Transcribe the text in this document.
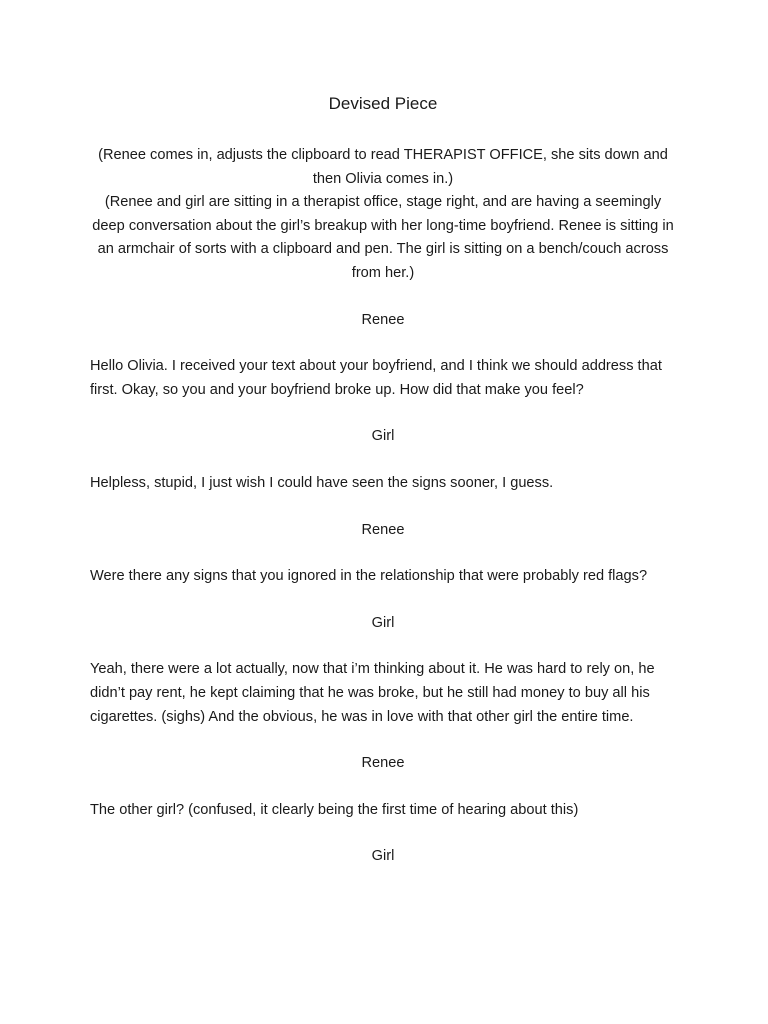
Devised Piece

(Renee comes in, adjusts the clipboard to read THERAPIST OFFICE, she sits down and then Olivia comes in.)

(Renee and girl are sitting in a therapist office, stage right, and are having a seemingly deep conversation about the girl’s breakup with her long-time boyfriend. Renee is sitting in an armchair of sorts with a clipboard and pen. The girl is sitting on a bench/couch across from her.)

Renee
Hello Olivia. I received your text about your boyfriend, and I think we should address that first. Okay, so you and your boyfriend broke up. How did that make you feel?
Girl
Helpless, stupid, I just wish I could have seen the signs sooner, I guess.
Renee
Were there any signs that you ignored in the relationship that were probably red flags?
Girl
Yeah, there were a lot actually, now that i’m thinking about it. He was hard to rely on, he didn’t pay rent, he kept claiming that he was broke, but he still had money to buy all his cigarettes. (sighs) And the obvious, he was in love with that other girl the entire time.
Renee
The other girl? (confused, it clearly being the first time of hearing about this)
Girl
